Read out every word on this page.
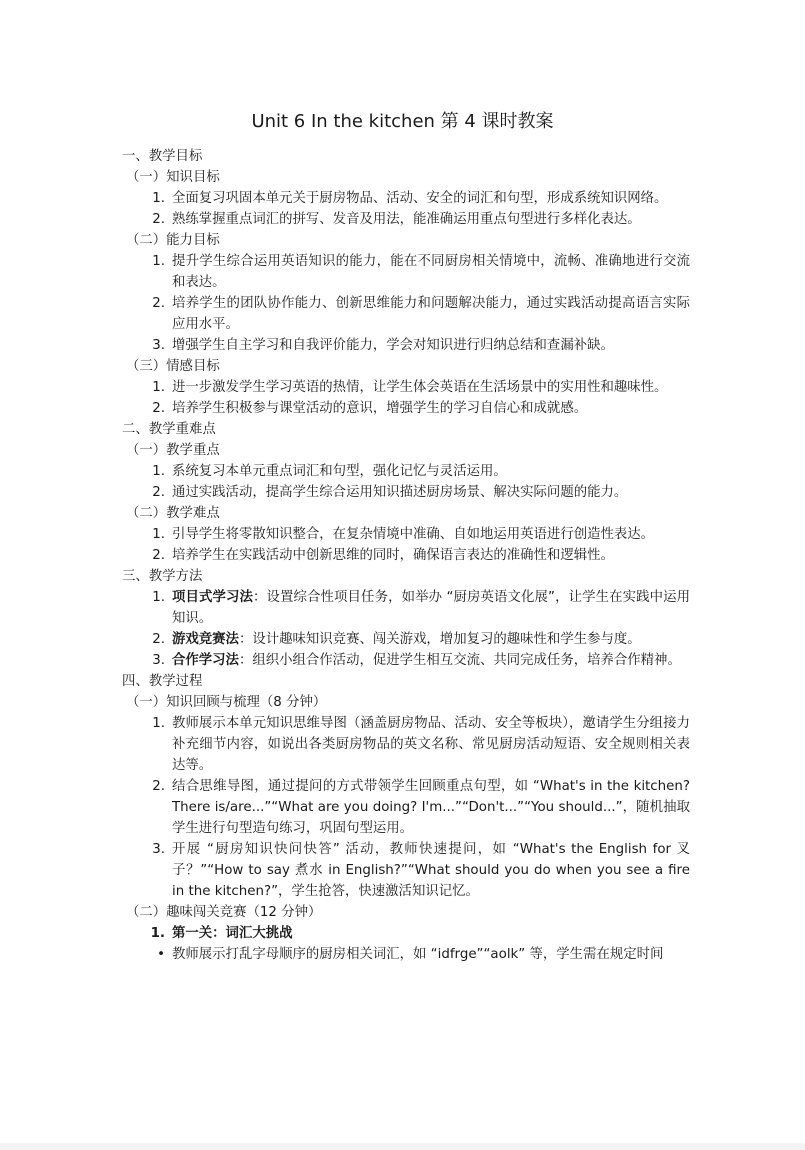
Unit 6 In the kitchen 第 4 课时教案
一、教学目标
（一）知识目标
1. 全面复习巩固本单元关于厨房物品、活动、安全的词汇和句型，形成系统知识网络。
2. 熟练掌握重点词汇的拼写、发音及用法，能准确运用重点句型进行多样化表达。
（二）能力目标
1. 提升学生综合运用英语知识的能力，能在不同厨房相关情境中，流畅、准确地进行交流和表达。
2. 培养学生的团队协作能力、创新思维能力和问题解决能力，通过实践活动提高语言实际应用水平。
3. 增强学生自主学习和自我评价能力，学会对知识进行归纳总结和查漏补缺。
（三）情感目标
1. 进一步激发学生学习英语的热情，让学生体会英语在生活场景中的实用性和趣味性。
2. 培养学生积极参与课堂活动的意识，增强学生的学习自信心和成就感。
二、教学重难点
（一）教学重点
1. 系统复习本单元重点词汇和句型，强化记忆与灵活运用。
2. 通过实践活动，提高学生综合运用知识描述厨房场景、解决实际问题的能力。
（二）教学难点
1. 引导学生将零散知识整合，在复杂情境中准确、自如地运用英语进行创造性表达。
2. 培养学生在实践活动中创新思维的同时，确保语言表达的准确性和逻辑性。
三、教学方法
1. 项目式学习法：设置综合性项目任务，如举办 “厨房英语文化展”，让学生在实践中运用知识。
2. 游戏竞赛法：设计趣味知识竞赛、闯关游戏，增加复习的趣味性和学生参与度。
3. 合作学习法：组织小组合作活动，促进学生相互交流、共同完成任务，培养合作精神。
四、教学过程
（一）知识回顾与梳理（8 分钟）
1. 教师展示本单元知识思维导图（涵盖厨房物品、活动、安全等板块），邀请学生分组接力补充细节内容，如说出各类厨房物品的英文名称、常见厨房活动短语、安全规则相关表达等。
2. 结合思维导图，通过提问的方式带领学生回顾重点句型，如 “What's in the kitchen? There is/are...”“What are you doing? I'm...”“Don't...”“You should...”，随机抽取学生进行句型造句练习，巩固句型运用。
3. 开展 “厨房知识快问快答” 活动，教师快速提问，如 “What's the English for 叉子？”“How to say 煮水 in English?”“What should you do when you see a fire in the kitchen?”，学生抢答，快速激活知识记忆。
（二）趣味闯关竞赛（12 分钟）
1. 第一关：词汇大挑战
• 教师展示打乱字母顺序的厨房相关词汇，如 “idfrge”“aolk” 等，学生需在规定时间
